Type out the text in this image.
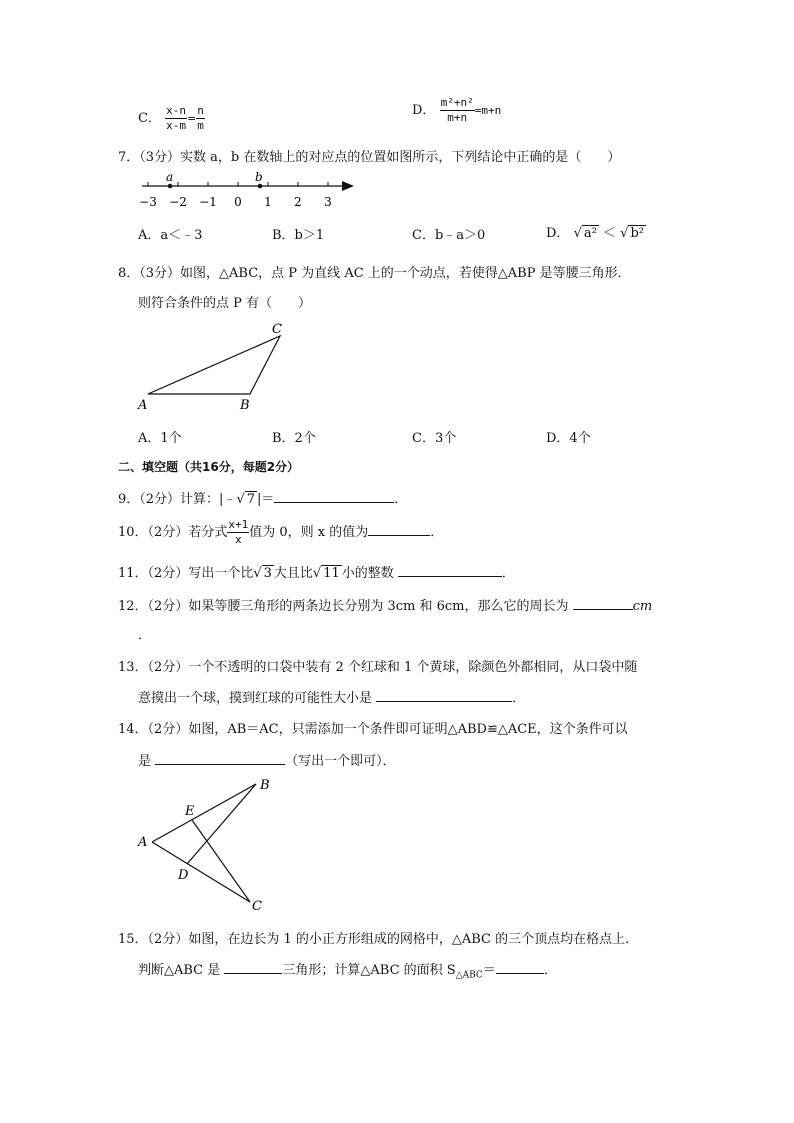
C． $\frac{x-n}{x-m} = \frac{n}{m}$	D． $\frac{\text{m²+n²}}{m+n} =m+n$
7．（3分）实数 a，b 在数轴上的对应点的位置如图所示，下列结论中正确的是（　　）
−3 −2 −1 0 1 2 3
a	b
A．a＜﹣3	B．b＞1	C．b﹣a＞0	D． √ a² ＜ √ b²
8．（3分）如图，△ABC，点 P 为直线 AC 上的一个动点，若使得△ABP 是等腰三角形．
则符合条件的点 P 有（　　）
A	B
C
A．1个	B．2个	C．3个	D．4个
二、填空题（共16分，每题2分）
9．（2分）计算：|﹣√ 7 |＝	．
10．（2分）若分式 $\frac{x+1}{x}$ 值为 0，则 x 的值为	．
11．（2分）写出一个比√ 3 大且比√ 11 小的整数	．
12．（2分）如果等腰三角形的两条边长分别为 3cm 和 6cm，那么它的周长为	cm
．
13．（2分）一个不透明的口袋中装有 2 个红球和 1 个黄球，除颜色外都相同，从口袋中随
意摸出一个球，摸到红球的可能性大小是	．
14．（2分）如图，AB＝AC，只需添加一个条件即可证明△ABD≌△ACE，这个条件可以
是	（写出一个即可）．
A
B
C
D
E
15．（2分）如图，在边长为 1 的小正方形组成的网格中，△ABC 的三个顶点均在格点上．
判断△ABC 是	三角形；计算△ABC 的面积 $S_{\triangle ABC}=$	．
